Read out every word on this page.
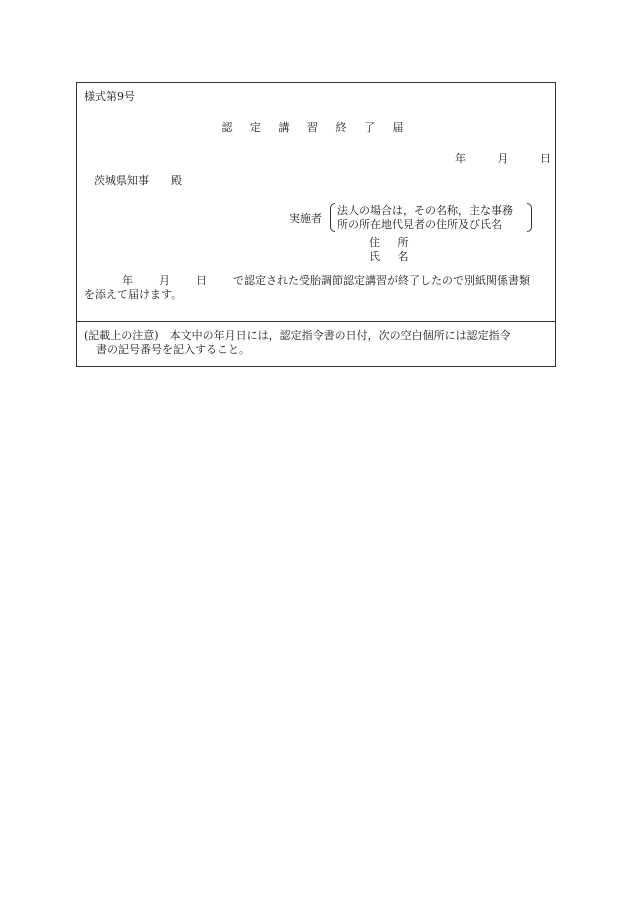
様式第9号
認 定 講 習 終 了 届
年	月	日
茨城県知事　　殿
実施者
法人の場合は，その名称，主な事務
所の所在地代見者の住所及び氏名
住 所
氏 名
年 月 日 で認定された受胎調節認定講習が終了したので別紙関係書類
を添えて届けます。
(記載上の注意)　本文中の年月日には，認定指令書の日付，次の空白個所には認定指令
書の記号番号を記入すること。
